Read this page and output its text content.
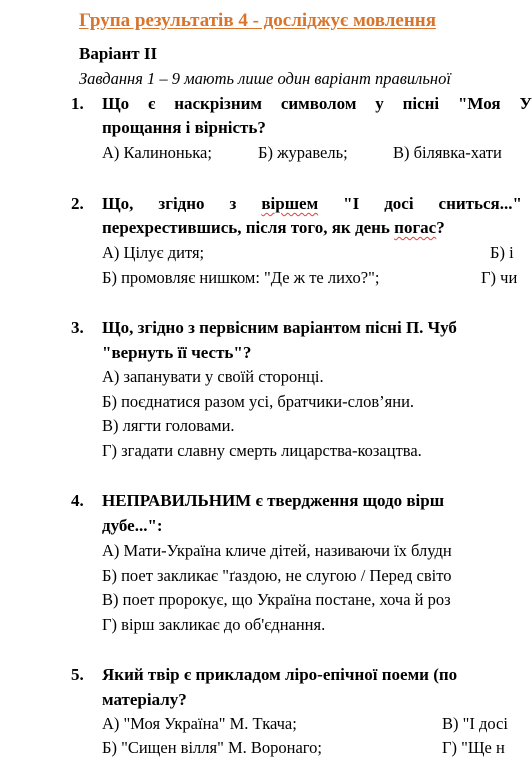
Група результатів 4 - досліджує мовлення
Варіант ІІ
Завдання 1 – 9 мають лише один варіант правильної
1. Що є наскрізним символом у пісні "Моя У
прощання і вірність?
А) Калинонька;	Б) журавель;	В) білявка-хати
2. Що, згідно з віршем "І досі сниться..."
перехрестившись, після того, як день погас?
А) Цілує дитя;	Б) і
Б) промовляє нишком: "Де ж те лихо?";	Г) чи
3. Що, згідно з первісним варіантом пісні П. Чуб
"вернуть її честь"?
А) запанувати у своїй сторонці.
Б) поєднатися разом усі, братчики-слов’яни.
В) лягти головами.
Г) згадати славну смерть лицарства-козацтва.
4. НЕПРАВИЛЬНИМ є твердження щодо вірш
дубе...":
А) Мати-Україна кличе дітей, називаючи їх блудн
Б) поет закликає "ґаздою, не слугою / Перед світо
В) поет пророкує, що Україна постане, хоча й роз
Г) вірш закликає до об'єднання.
5. Який твір є прикладом ліро-епічної поеми (по
матеріалу?
А) "Моя Україна" М. Ткача;	В) "І досі
Б) "Сищен вілля" М. Воронаго;	Г) "Ще н
